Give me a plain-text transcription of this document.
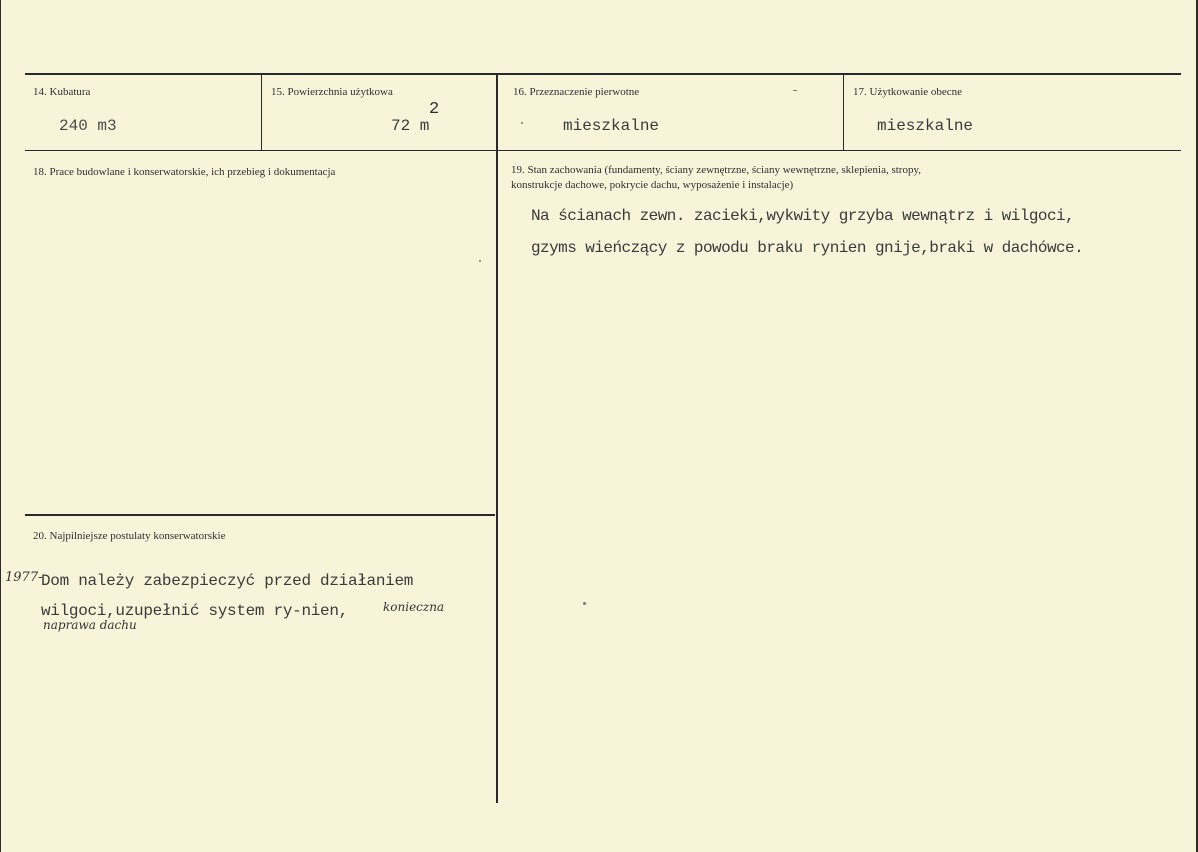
14. Kubatura
240 m3
15. Powierzchnia użytkowa
72 m
2
16. Przeznaczenie pierwotne
mieszkalne
17. Użytkowanie obecne
mieszkalne
18. Prace budowlane i konserwatorskie, ich przebieg i dokumentacja	19. Stan zachowania (fundamenty, ściany zewnętrzne, ściany wewnętrzne, sklepienia, stropy,
konstrukcje dachowe, pokrycie dachu, wyposażenie i instalacje)
Na ścianach zewn. zacieki,wykwity grzyba wewnątrz i wilgoci,
gzyms wieńczący z powodu braku rynien gnije,braki w dachówce.
20. Najpilniejsze postulaty konserwatorskie
1977-
Dom należy zabezpieczyć przed działaniem
wilgoci,uzupełnić system ry-nien,	konieczna
naprawa dachu
